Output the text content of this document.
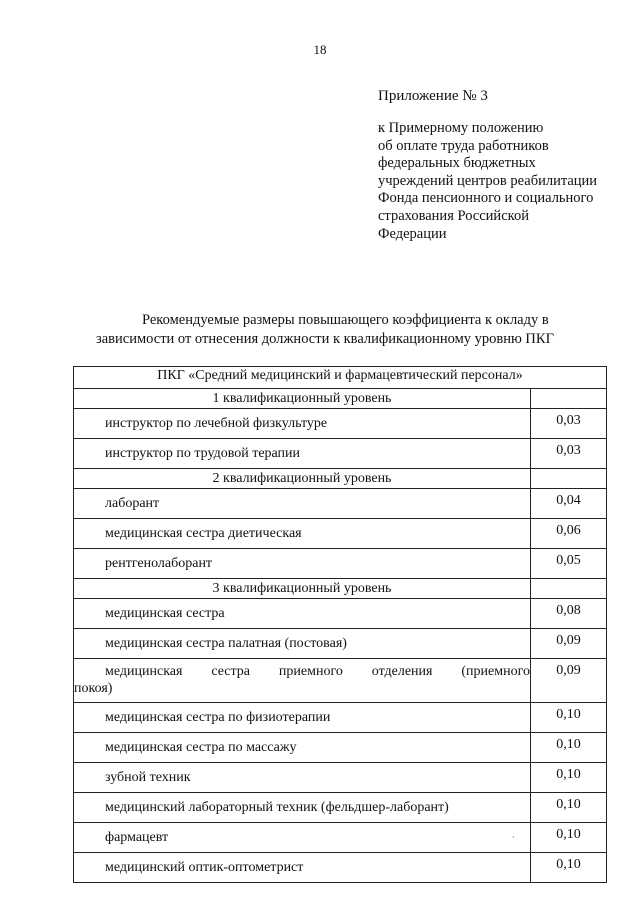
18
Приложение № 3
к Примерному положению
об оплате труда работников
федеральных бюджетных
учреждений центров реабилитации
Фонда пенсионного и социального
страхования Российской
Федерации
Рекомендуемые размеры повышающего коэффициента к окладу в
зависимости от отнесения должности к квалификационному уровню ПКГ
ПКГ «Средний медицинский и фармацевтический персонал»	
1 квалификационный уровень	
инструктор по лечебной физкультуре	0,03
инструктор по трудовой терапии	0,03
2 квалификационный уровень	
лаборант	0,04
медицинская сестра диетическая	0,06
рентгенолаборант	0,05
3 квалификационный уровень	
медицинская сестра	0,08
медицинская сестра палатная (постовая)	0,09

медицинская сестра приемного отделения (приемного
покоя)	0,09
медицинская сестра по физиотерапии	0,10
медицинская сестра по массажу	0,10
зубной техник	0,10
медицинский лабораторный техник (фельдшер-лаборант)	0,10
фармацевт	0,10
медицинский оптик-оптометрист	0,10
ˎ
